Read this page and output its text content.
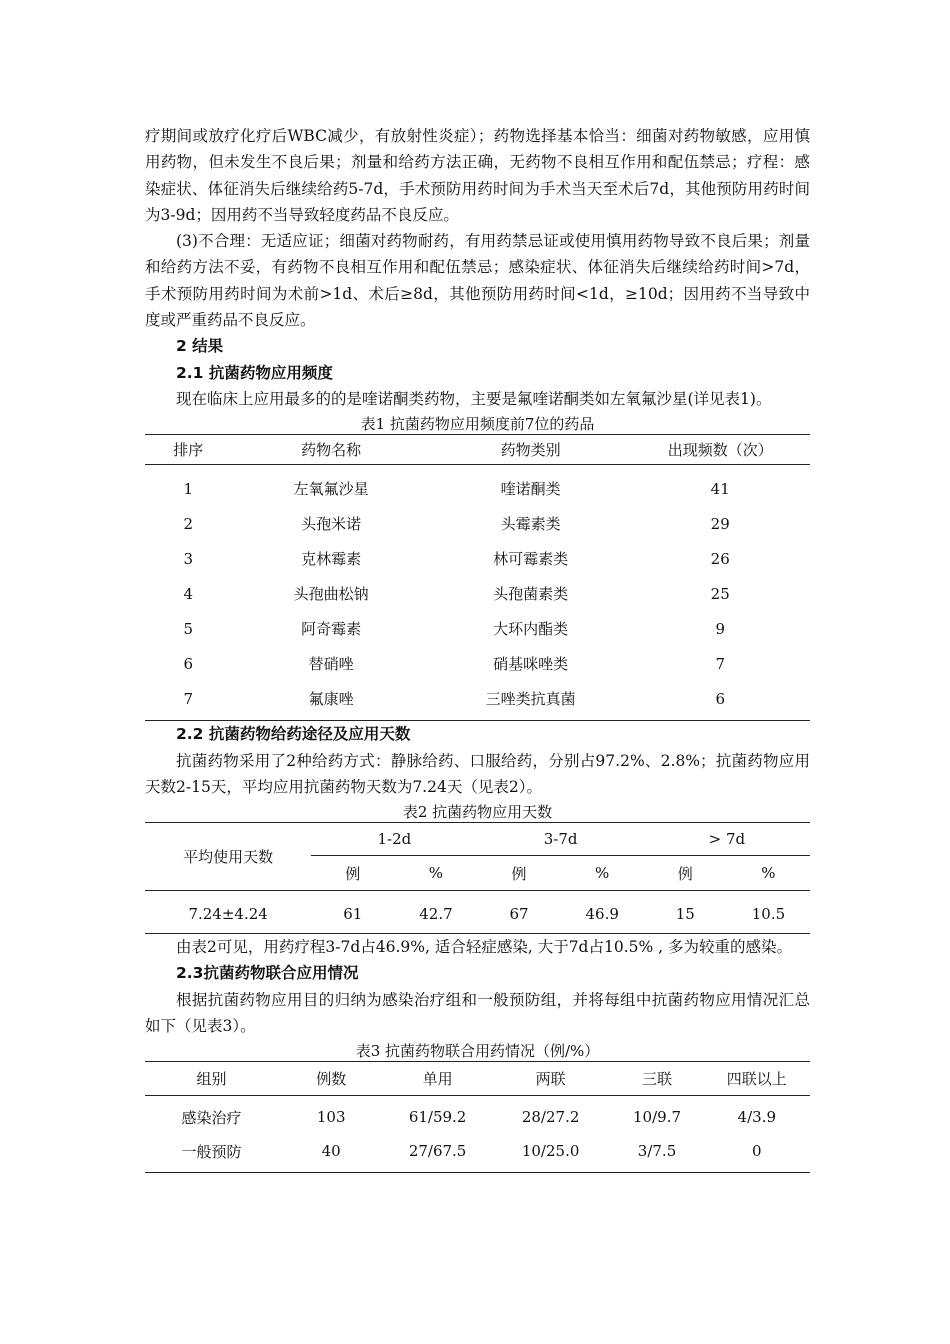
疗期间或放疗化疗后WBC减少，有放射性炎症）；药物选择基本恰当：细菌对药物敏感，应用慎用药物，但未发生不良后果；剂量和给药方法正确，无药物不良相互作用和配伍禁忌；疗程：感染症状、体征消失后继续给药5-7d，手术预防用药时间为手术当天至术后7d，其他预防用药时间为3-9d；因用药不当导致轻度药品不良反应。

(3)不合理：无适应证；细菌对药物耐药，有用药禁忌证或使用慎用药物导致不良后果；剂量和给药方法不妥，有药物不良相互作用和配伍禁忌；感染症状、体征消失后继续给药时间>7d，手术预防用药时间为术前>1d、术后≥8d，其他预防用药时间<1d，≥10d；因用药不当导致中度或严重药品不良反应。

2 结果
2.1 抗菌药物应用频度

现在临床上应用最多的的是喹诺酮类药物，主要是氟喹诺酮类如左氧氟沙星(详见表1)。

表1 抗菌药物应用频度前7位的药品
排序	药物名称	药物类别	出现频数（次）
1	左氧氟沙星	喹诺酮类	41
2	头孢米诺	头霉素类	29
3	克林霉素	林可霉素类	26
4	头孢曲松钠	头孢菌素类	25
5	阿奇霉素	大环内酯类	9
6	替硝唑	硝基咪唑类	7
7	氟康唑	三唑类抗真菌	6
2.2 抗菌药物给药途径及应用天数

抗菌药物采用了2种给药方式：静脉给药、口服给药，分别占97.2%、2.8%；抗菌药物应用天数2-15天，平均应用抗菌药物天数为7.24天（见表2）。

表2 抗菌药物应用天数
平均使用天数	1-2d		3-7d		> 7d	
	例	%	例	%	例	%
7.24±4.24	61	42.7	67	46.9	15	10.5

由表2可见，用药疗程3-7d占46.9%, 适合轻症感染, 大于7d占10.5% , 多为较重的感染。

2.3抗菌药物联合应用情况

根据抗菌药物应用目的归纳为感染治疗组和一般预防组，并将每组中抗菌药物应用情况汇总如下（见表3）。

表3 抗菌药物联合用药情况（例/%）
组别	例数	单用	两联	三联	四联以上
感染治疗	103	61/59.2	28/27.2	10/9.7	4/3.9
一般预防	40	27/67.5	10/25.0	3/7.5	0
